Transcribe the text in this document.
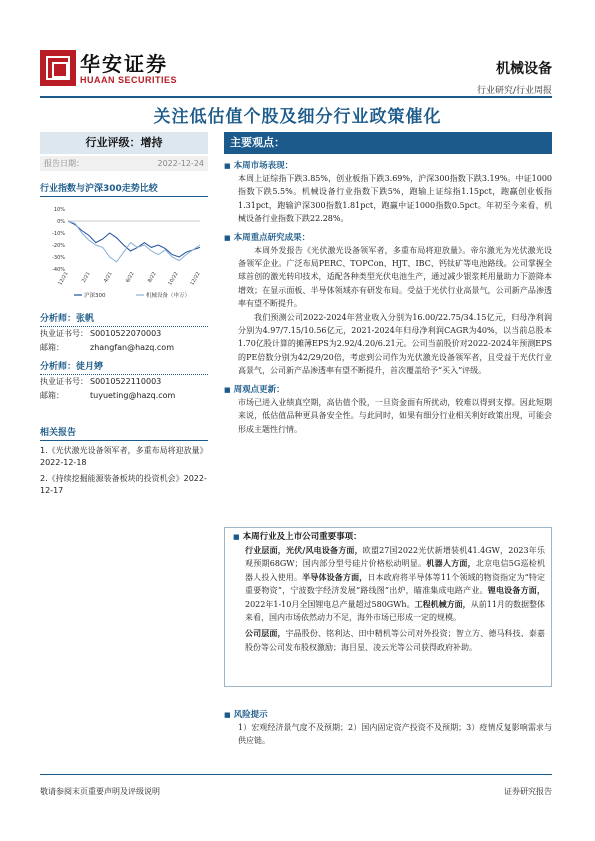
华安证券
HUAAN SECURITIES
机械设备
行业研究/行业周报
关注低估值个股及细分行业政策催化
行业评级：增持
报告日期：	2022-12-24
行业指数与沪深300走势比较
10%
0%
-10%
-20%
-30%
-40%
12/21 2/21 4/21 6/22 8/22 10/22 12/22
沪深300	机械设备（申万）
分析师：张帆
执业证书号： S0010522070003
邮箱：	zhangfan@hazq.com
分析师：徒月婷
执业证书号： S0010522110003
邮箱：	tuyueting@hazq.com
相关报告
1.《光伏激光设备领军者，多重布局将迎放量》2022-12-18
2.《持续挖掘能源装备板块的投资机会》2022-12-17
主要观点：
■ 本周市场表现：
本周上证综指下跌3.85%，创业板指下跌3.69%，沪深300指数下跌3.19%。中证1000指数下跌5.5%。机械设备行业指数下跌5%，跑输上证综指1.15pct，跑赢创业板指1.31pct，跑输沪深300指数1.81pct，跑赢中证1000指数0.5pct。年初至今来看，机械设备行业指数下跌22.28%。
■ 本周重点研究成果：
本周外发报告《光伏激光设备领军者，多重布局将迎放量》。帝尔激光为光伏激光设备领军企业。广泛布局PERC、TOPCon、HJT、IBC、钙钛矿等电池路线。公司掌握全球首创的激光转印技术，适配各种类型光伏电池生产，通过减少银浆耗用量助力下游降本增效；在显示面板、半导体领域亦有研发布局。受益于光伏行业高景气，公司新产品渗透率有望不断提升。
我们预测公司2022-2024年营业收入分别为16.00/22.75/34.15亿元，归母净利润分别为4.97/7.15/10.56亿元，2021-2024年归母净利润CAGR为40%，以当前总股本1.70亿股计算的摊薄EPS为2.92/4.20/6.21元。公司当前股价对2022-2024年预测EPS的PE倍数分别为42/29/20倍，考虑到公司作为光伏激光设备领军者，且受益于光伏行业高景气，公司新产品渗透率有望不断提升，首次覆盖给予“买入”评级。
■ 周观点更新：
市场已进入业绩真空期，高估值个股，一旦资金面有所扰动，较难以得到支撑。因此短期来说，低估值品种更具备安全性。与此同时，如果有细分行业相关利好政策出现，可能会形成主题性行情。
■ 本周行业及上市公司重要事项：
行业层面，光伏/风电设备方面，欧盟27国2022光伏新增装机41.4GW，2023年乐观预期68GW；国内部分型号硅片价格松动明显。机器人方面，北京电信5G巡检机器人投入使用。半导体设备方面，日本政府将半导体等11个领域的物资指定为“特定重要物资”，宁波数字经济发展“路线图”出炉，瞄准集成电路产业。锂电设备方面，2022年1-10月全国锂电总产量超过580GWh。工程机械方面，从前11月的数据整体来看，国内市场依然动力不足，海外市场已形成一定的规模。
公司层面，宇晶股份、铭利达、田中精机等公司对外投资；智立方、德马科技、泰嘉股份等公司发布股权激励；海目星、凌云光等公司获得政府补助。
■ 风险提示
1）宏观经济景气度不及预期；2）国内固定资产投资不及预期；3）疫情反复影响需求与供应链。
敬请参阅末页重要声明及评级说明	证券研究报告
